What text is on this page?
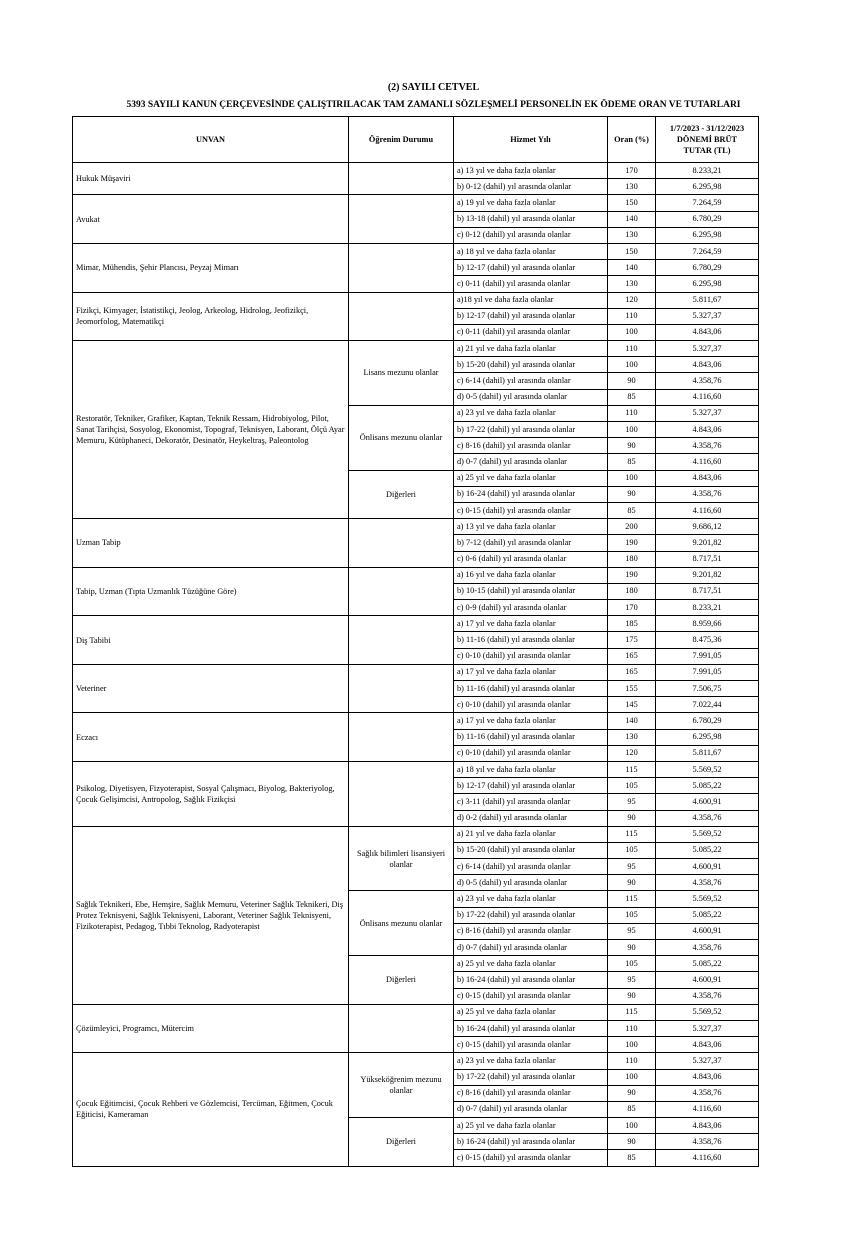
(2) SAYILI CETVEL
5393 SAYILI KANUN ÇERÇEVESİNDE ÇALIŞTIRILACAK TAM ZAMANLI SÖZLEŞMELİ PERSONELİN EK ÖDEME ORAN VE TUTARLARI
UNVAN	Öğrenim Durumu	Hizmet Yılı	Oran (%)	1/7/2023 - 31/12/2023
DÖNEMİ BRÜT
TUTAR (TL)
Hukuk Müşaviri		a) 13 yıl ve daha fazla olanlar	170	8.233,21
		b) 0-12 (dahil) yıl arasında olanlar	130	6.295,98
Avukat		a) 19 yıl ve daha fazla olanlar	150	7.264,59
		b) 13-18 (dahil) yıl arasında olanlar	140	6.780,29
		c) 0-12 (dahil) yıl arasında olanlar	130	6.295,98
Mimar, Mühendis, Şehir Plancısı, Peyzaj Mimarı		a) 18 yıl ve daha fazla olanlar	150	7.264,59
		b) 12-17 (dahil) yıl arasında olanlar	140	6.780,29
		c) 0-11 (dahil) yıl arasında olanlar	130	6.295,98
Fizikçi, Kimyager, İstatistikçi, Jeolog, Arkeolog, Hidrolog, Jeofizikçi, Jeomorfolog, Matematikçi		a)18 yıl ve daha fazla olanlar	120	5.811,67
		b) 12-17 (dahil) yıl arasında olanlar	110	5.327,37
		c) 0-11 (dahil) yıl arasında olanlar	100	4.843,06
Restoratör, Tekniker, Grafiker, Kaptan, Teknik Ressam, Hidrobiyolog, Pilot, Sanat Tarihçisi, Sosyolog, Ekonomist, Topograf, Teknisyen, Laborant, Ölçü Ayar Memuru, Kütüphaneci, Dekoratör, Desinatör, Heykeltraş, Paleontolog	Lisans mezunu olanlar	a) 21 yıl ve daha fazla olanlar	110	5.327,37
		b) 15-20 (dahil) yıl arasında olanlar	100	4.843,06
		c) 6-14 (dahil) yıl arasında olanlar	90	4.358,76
		d) 0-5 (dahil) yıl arasında olanlar	85	4.116,60
	Önlisans mezunu olanlar	a) 23 yıl ve daha fazla olanlar	110	5.327,37
		b) 17-22 (dahil) yıl arasında olanlar	100	4.843,06
		c) 8-16 (dahil) yıl arasında olanlar	90	4.358,76
		d) 0-7 (dahil) yıl arasında olanlar	85	4.116,60
	Diğerleri	a) 25 yıl ve daha fazla olanlar	100	4.843,06
		b) 16-24 (dahil) yıl arasında olanlar	90	4.358,76
		c) 0-15 (dahil) yıl arasında olanlar	85	4.116,60
Uzman Tabip		a) 13 yıl ve daha fazla olanlar	200	9.686,12
		b) 7-12 (dahil) yıl arasında olanlar	190	9.201,82
		c) 0-6 (dahil) yıl arasında olanlar	180	8.717,51
Tabip, Uzman (Tıpta Uzmanlık Tüzüğüne Göre)		a) 16 yıl ve daha fazla olanlar	190	9.201,82
		b) 10-15 (dahil) yıl arasında olanlar	180	8.717,51
		c) 0-9 (dahil) yıl arasında olanlar	170	8.233,21
Diş Tabibi		a) 17 yıl ve daha fazla olanlar	185	8.959,66
		b) 11-16 (dahil) yıl arasında olanlar	175	8.475,36
		c) 0-10 (dahil) yıl arasında olanlar	165	7.991,05
Veteriner		a) 17 yıl ve daha fazla olanlar	165	7.991,05
		b) 11-16 (dahil) yıl arasında olanlar	155	7.506,75
		c) 0-10 (dahil) yıl arasında olanlar	145	7.022,44
Eczacı		a) 17 yıl ve daha fazla olanlar	140	6.780,29
		b) 11-16 (dahil) yıl arasında olanlar	130	6.295,98
		c) 0-10 (dahil) yıl arasında olanlar	120	5.811,67
Psikolog, Diyetisyen, Fizyoterapist, Sosyal Çalışmacı, Biyolog, Bakteriyolog, Çocuk Gelişimcisi, Antropolog, Sağlık Fizikçisi		a) 18 yıl ve daha fazla olanlar	115	5.569,52
		b) 12-17 (dahil) yıl arasında olanlar	105	5.085,22
		c) 3-11 (dahil) yıl arasında olanlar	95	4.600,91
		d) 0-2 (dahil) yıl arasında olanlar	90	4.358,76
Sağlık Teknikeri, Ebe, Hemşire, Sağlık Memuru, Veteriner Sağlık Teknikeri, Diş Protez Teknisyeni, Sağlık Teknisyeni, Laborant, Veteriner Sağlık Teknisyeni, Fizikoterapist, Pedagog, Tıbbi Teknolog, Radyoterapist	Sağlık bilimleri lisansiyeri olanlar	a) 21 yıl ve daha fazla olanlar	115	5.569,52
		b) 15-20 (dahil) yıl arasında olanlar	105	5.085,22
		c) 6-14 (dahil) yıl arasında olanlar	95	4.600,91
		d) 0-5 (dahil) yıl arasında olanlar	90	4.358,76
	Önlisans mezunu olanlar	a) 23 yıl ve daha fazla olanlar	115	5.569,52
		b) 17-22 (dahil) yıl arasında olanlar	105	5.085,22
		c) 8-16 (dahil) yıl arasında olanlar	95	4.600,91
		d) 0-7 (dahil) yıl arasında olanlar	90	4.358,76
	Diğerleri	a) 25 yıl ve daha fazla olanlar	105	5.085,22
		b) 16-24 (dahil) yıl arasında olanlar	95	4.600,91
		c) 0-15 (dahil) yıl arasında olanlar	90	4.358,76
Çözümleyici, Programcı, Mütercim		a) 25 yıl ve daha fazla olanlar	115	5.569,52
		b) 16-24 (dahil) yıl arasında olanlar	110	5.327,37
		c) 0-15 (dahil) yıl arasında olanlar	100	4.843,06
Çocuk Eğitimcisi, Çocuk Rehberi ve Gözlemcisi, Tercüman, Eğitmen, Çocuk Eğiticisi, Kameraman	Yükseköğrenim mezunu olanlar	a) 23 yıl ve daha fazla olanlar	110	5.327,37
		b) 17-22 (dahil) yıl arasında olanlar	100	4.843,06
		c) 8-16 (dahil) yıl arasında olanlar	90	4.358,76
		d) 0-7 (dahil) yıl arasında olanlar	85	4.116,60
	Diğerleri	a) 25 yıl ve daha fazla olanlar	100	4.843,06
		b) 16-24 (dahil) yıl arasında olanlar	90	4.358,76
		c) 0-15 (dahil) yıl arasında olanlar	85	4.116,60
